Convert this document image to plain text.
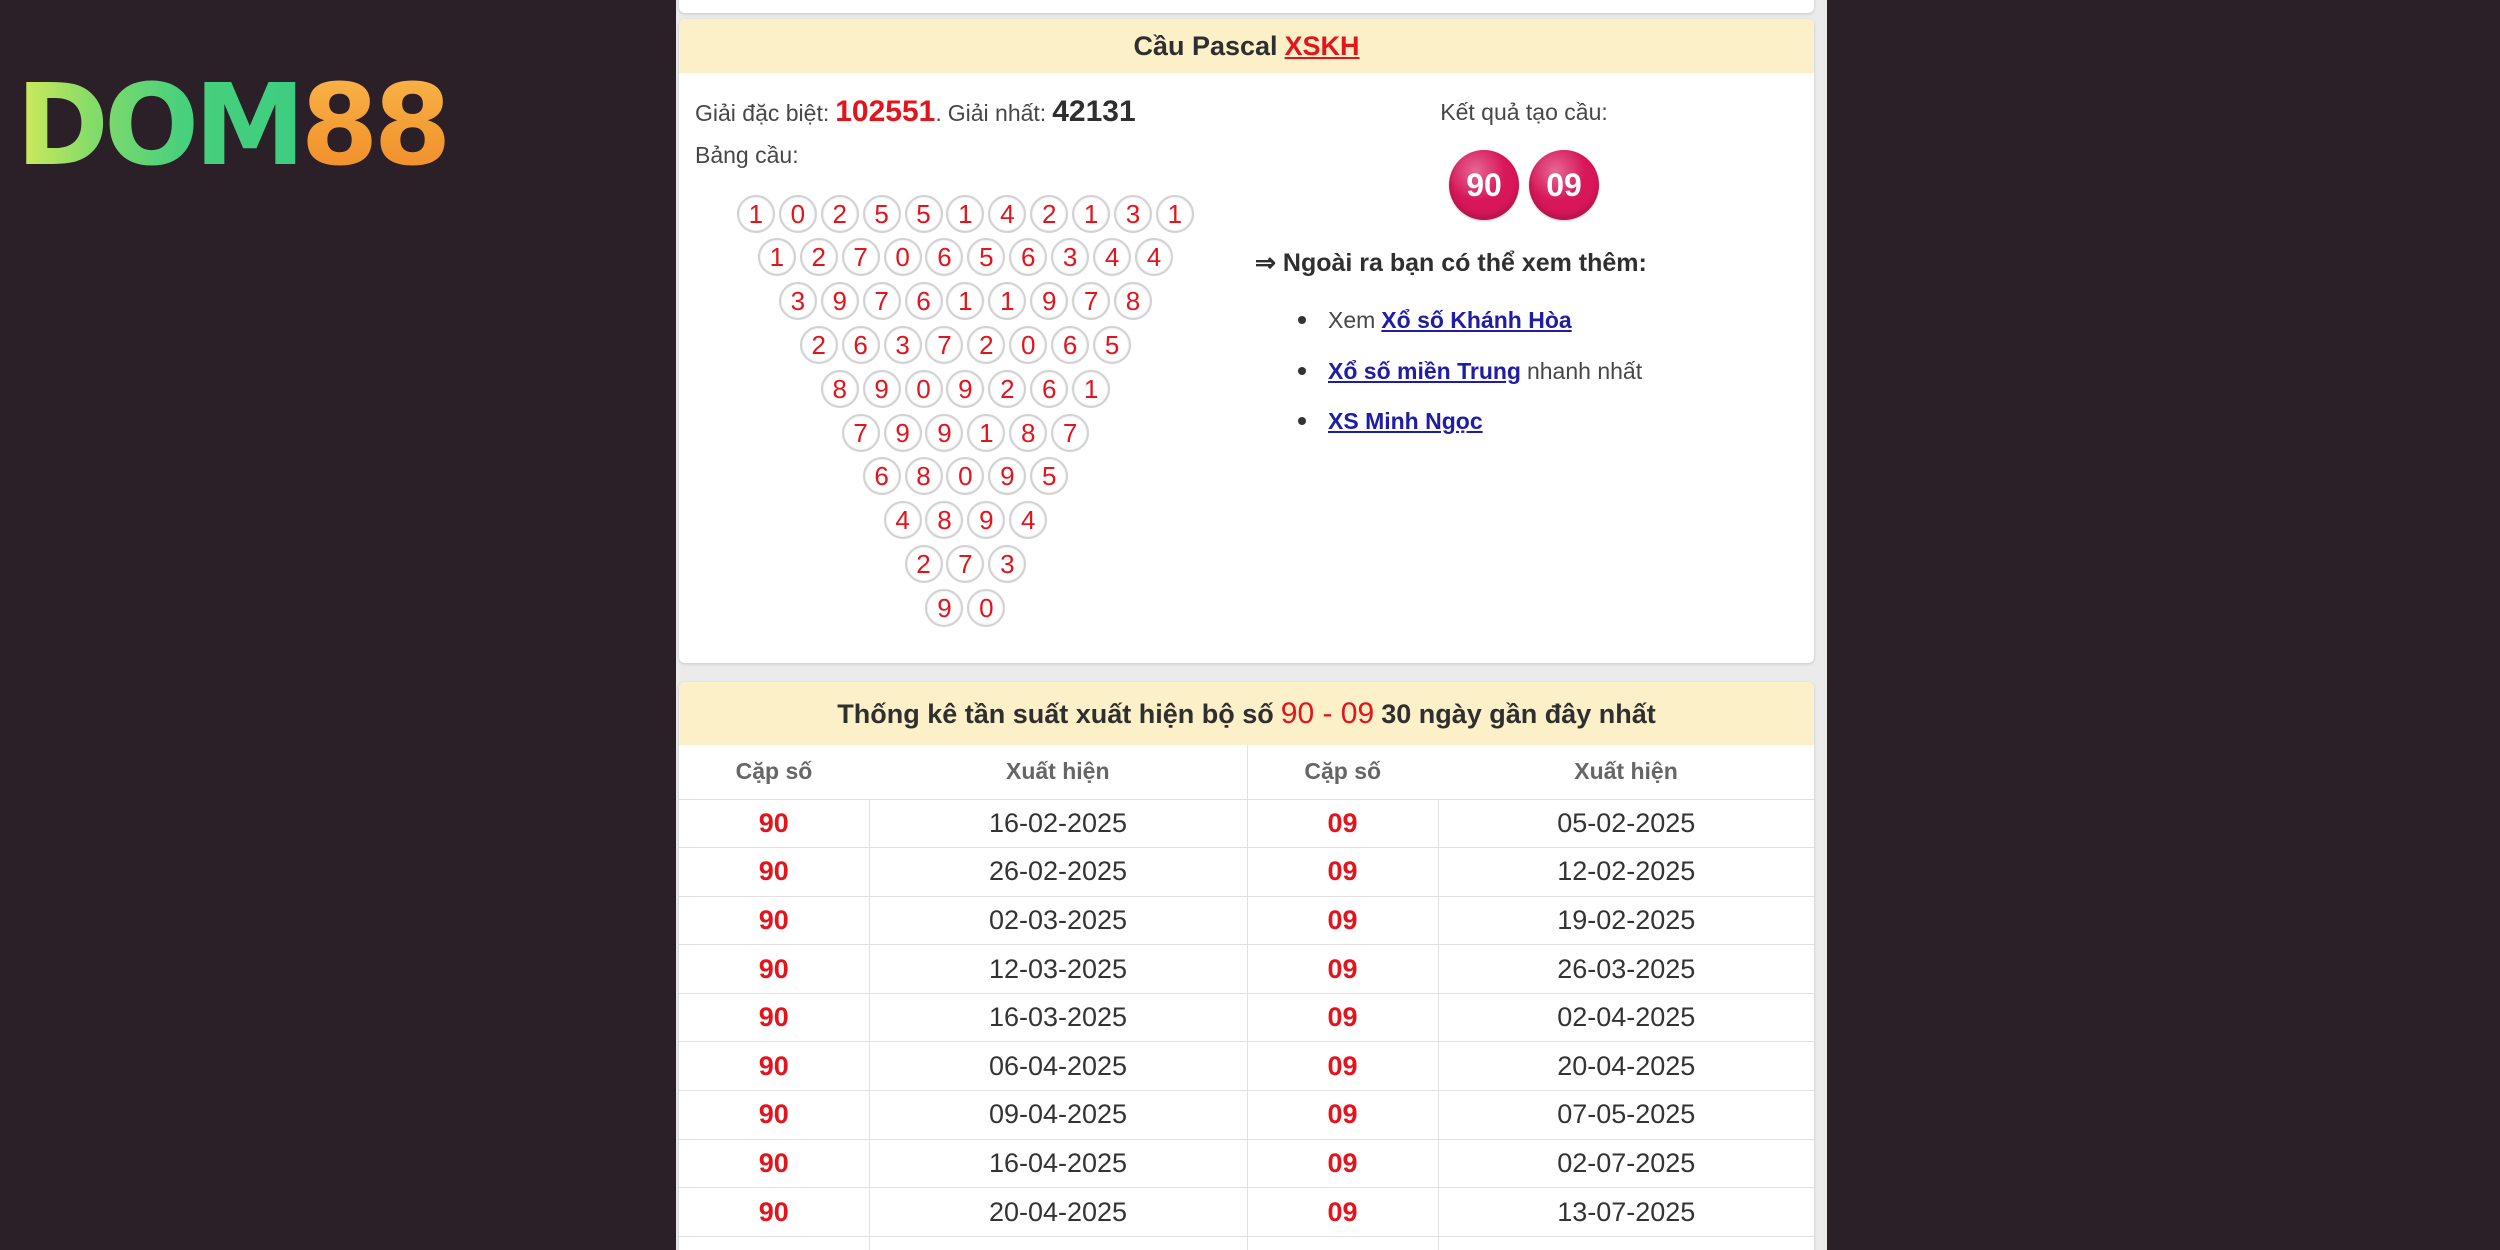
DOM88
Cầu Pascal XSKH
Giải đặc biệt: 102551. Giải nhất: 42131
Bảng cầu:
1	0	2	5	5	1	4	2	1	3	1
1	2	7	0	6	5	6	3	4	4
3	9	7	6	1	1	9	7	8
2	6	3	7	2	0	6	5
8	9	0	9	2	6	1
7	9	9	1	8	7
6	8	0	9	5
4	8	9	4
2	7	3
9	0
Kết quả tạo cầu:
90	09
⇒ Ngoài ra bạn có thể xem thêm:
Xem Xổ số Khánh Hòa
Xổ số miền Trung nhanh nhất
XS Minh Ngọc
Thống kê tần suất xuất hiện bộ số 90 - 09 30 ngày gần đây nhất
Cặp số	Xuất hiện	Cặp số	Xuất hiện
90	16-02-2025	09	05-02-2025
90	26-02-2025	09	12-02-2025
90	02-03-2025	09	19-02-2025
90	12-03-2025	09	26-03-2025
90	16-03-2025	09	02-04-2025
90	06-04-2025	09	20-04-2025
90	09-04-2025	09	07-05-2025
90	16-04-2025	09	02-07-2025
90	20-04-2025	09	13-07-2025
